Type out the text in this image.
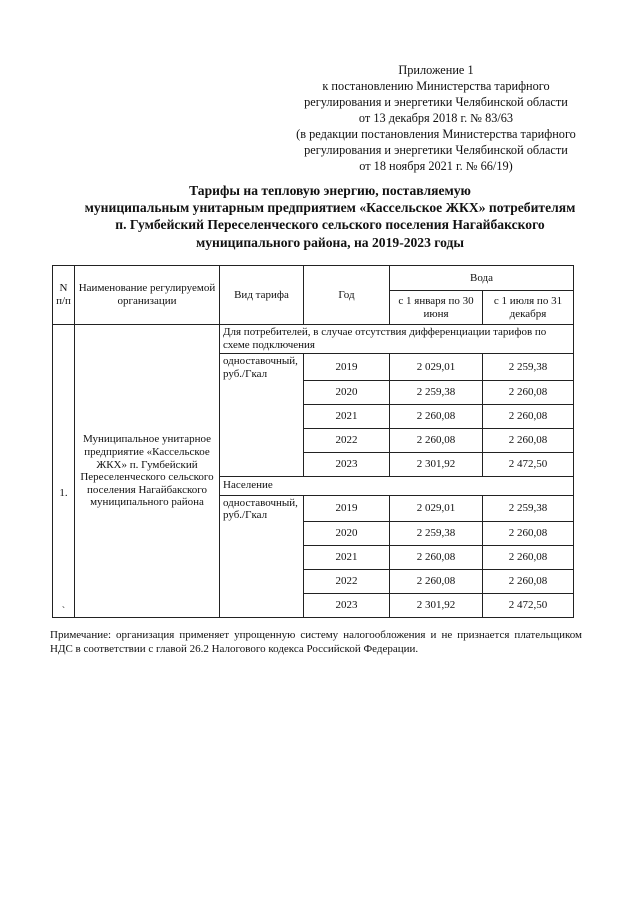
Приложение 1
к постановлению Министерства тарифного
регулирования и энергетики Челябинской области
от 13 декабря 2018 г. № 83/63
(в редакции постановления Министерства тарифного
регулирования и энергетики Челябинской области
от 18 ноября 2021 г. № 66/19)
Тарифы на тепловую энергию, поставляемую
муниципальным унитарным предприятием «Кассельское ЖКХ» потребителям
п. Гумбейский Переселенческого сельского поселения Нагайбакского
муниципального района, на 2019-2023 годы
N п/п	Наименование регулируемой организации	Вид тарифа	Год	Вода	
				с 1 января по 30 июня	с 1 июля по 31 декабря

1.
`	Муниципальное унитарное предприятие «Кассельское ЖКХ» п. Гумбейский Переселенческого сельского поселения Нагайбакского муниципального района	Для потребителей, в случае отсутствия дифференциации тарифов по схеме подключения			
		одноставочный, руб./Гкал	2019	2 029,01	2 259,38
			2020	2 259,38	2 260,08
			2021	2 260,08	2 260,08
			2022	2 260,08	2 260,08
			2023	2 301,92	2 472,50
		Население			
		одноставочный, руб./Гкал	2019	2 029,01	2 259,38
			2020	2 259,38	2 260,08
			2021	2 260,08	2 260,08
			2022	2 260,08	2 260,08
			2023	2 301,92	2 472,50
Примечание: организация применяет упрощенную систему налогообложения и не признается плательщиком НДС в соответствии с главой 26.2 Налогового кодекса Российской Федерации.
